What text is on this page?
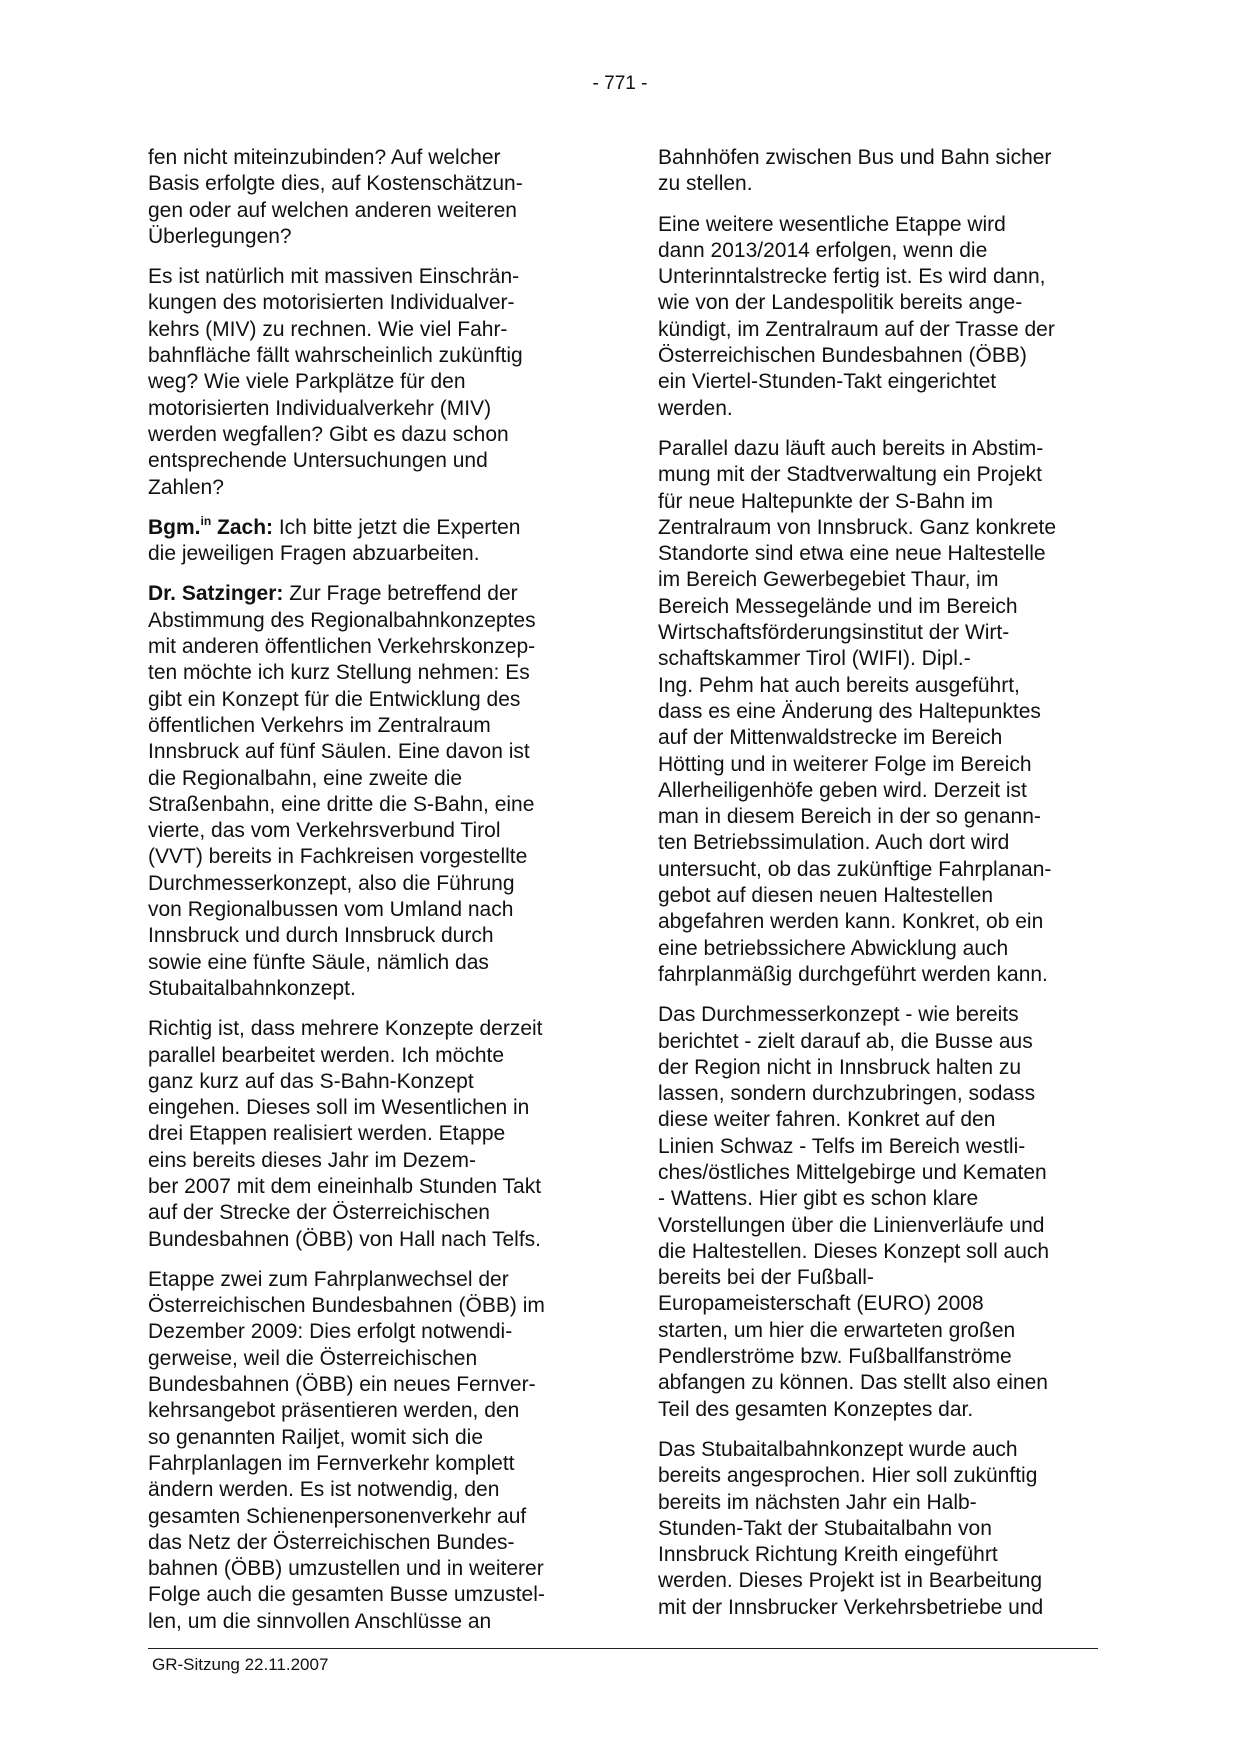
- 771 -

fen nicht miteinzubinden? Auf welcher
Basis erfolgte dies, auf Kostenschätzun-
gen oder auf welchen anderen weiteren
Überlegungen?

Es ist natürlich mit massiven Einschrän-
kungen des motorisierten Individualver-
kehrs (MIV) zu rechnen. Wie viel Fahr-
bahnfläche fällt wahrscheinlich zukünftig
weg? Wie viele Parkplätze für den
motorisierten Individualverkehr (MIV)
werden wegfallen? Gibt es dazu schon
entsprechende Untersuchungen und
Zahlen?

Bgm.$^{in}$ Zach: Ich bitte jetzt die Experten
die jeweiligen Fragen abzuarbeiten.

Dr. Satzinger: Zur Frage betreffend der
Abstimmung des Regionalbahnkonzeptes
mit anderen öffentlichen Verkehrskonzep-
ten möchte ich kurz Stellung nehmen: Es
gibt ein Konzept für die Entwicklung des
öffentlichen Verkehrs im Zentralraum
Innsbruck auf fünf Säulen. Eine davon ist
die Regionalbahn, eine zweite die
Straßenbahn, eine dritte die S-Bahn, eine
vierte, das vom Verkehrsverbund Tirol
(VVT) bereits in Fachkreisen vorgestellte
Durchmesserkonzept, also die Führung
von Regionalbussen vom Umland nach
Innsbruck und durch Innsbruck durch
sowie eine fünfte Säule, nämlich das
Stubaitalbahnkonzept.

Richtig ist, dass mehrere Konzepte derzeit
parallel bearbeitet werden. Ich möchte
ganz kurz auf das S-Bahn-Konzept
eingehen. Dieses soll im Wesentlichen in
drei Etappen realisiert werden. Etappe
eins bereits dieses Jahr im Dezem-
ber 2007 mit dem eineinhalb Stunden Takt
auf der Strecke der Österreichischen
Bundesbahnen (ÖBB) von Hall nach Telfs.

Etappe zwei zum Fahrplanwechsel der
Österreichischen Bundesbahnen (ÖBB) im
Dezember 2009: Dies erfolgt notwendi-
gerweise, weil die Österreichischen
Bundesbahnen (ÖBB) ein neues Fernver-
kehrsangebot präsentieren werden, den
so genannten Railjet, womit sich die
Fahrplanlagen im Fernverkehr komplett
ändern werden. Es ist notwendig, den
gesamten Schienenpersonenverkehr auf
das Netz der Österreichischen Bundes-
bahnen (ÖBB) umzustellen und in weiterer
Folge auch die gesamten Busse umzustel-
len, um die sinnvollen Anschlüsse an

Bahnhöfen zwischen Bus und Bahn sicher
zu stellen.

Eine weitere wesentliche Etappe wird
dann 2013/2014 erfolgen, wenn die
Unterinntalstrecke fertig ist. Es wird dann,
wie von der Landespolitik bereits ange-
kündigt, im Zentralraum auf der Trasse der
Österreichischen Bundesbahnen (ÖBB)
ein Viertel-Stunden-Takt eingerichtet
werden.

Parallel dazu läuft auch bereits in Abstim-
mung mit der Stadtverwaltung ein Projekt
für neue Haltepunkte der S-Bahn im
Zentralraum von Innsbruck. Ganz konkrete
Standorte sind etwa eine neue Haltestelle
im Bereich Gewerbegebiet Thaur, im
Bereich Messegelände und im Bereich
Wirtschaftsförderungsinstitut der Wirt-
schaftskammer Tirol (WIFI). Dipl.-
Ing. Pehm hat auch bereits ausgeführt,
dass es eine Änderung des Haltepunktes
auf der Mittenwaldstrecke im Bereich
Hötting und in weiterer Folge im Bereich
Allerheiligenhöfe geben wird. Derzeit ist
man in diesem Bereich in der so genann-
ten Betriebssimulation. Auch dort wird
untersucht, ob das zukünftige Fahrplanan-
gebot auf diesen neuen Haltestellen
abgefahren werden kann. Konkret, ob ein
eine betriebssichere Abwicklung auch
fahrplanmäßig durchgeführt werden kann.

Das Durchmesserkonzept - wie bereits
berichtet - zielt darauf ab, die Busse aus
der Region nicht in Innsbruck halten zu
lassen, sondern durchzubringen, sodass
diese weiter fahren. Konkret auf den
Linien Schwaz - Telfs im Bereich westli-
ches/östliches Mittelgebirge und Kematen
- Wattens. Hier gibt es schon klare
Vorstellungen über die Linienverläufe und
die Haltestellen. Dieses Konzept soll auch
bereits bei der Fußball-
Europameisterschaft (EURO) 2008
starten, um hier die erwarteten großen
Pendlerströme bzw. Fußballfanströme
abfangen zu können. Das stellt also einen
Teil des gesamten Konzeptes dar.

Das Stubaitalbahnkonzept wurde auch
bereits angesprochen. Hier soll zukünftig
bereits im nächsten Jahr ein Halb-
Stunden-Takt der Stubaitalbahn von
Innsbruck Richtung Kreith eingeführt
werden. Dieses Projekt ist in Bearbeitung
mit der Innsbrucker Verkehrsbetriebe und

GR-Sitzung 22.11.2007
